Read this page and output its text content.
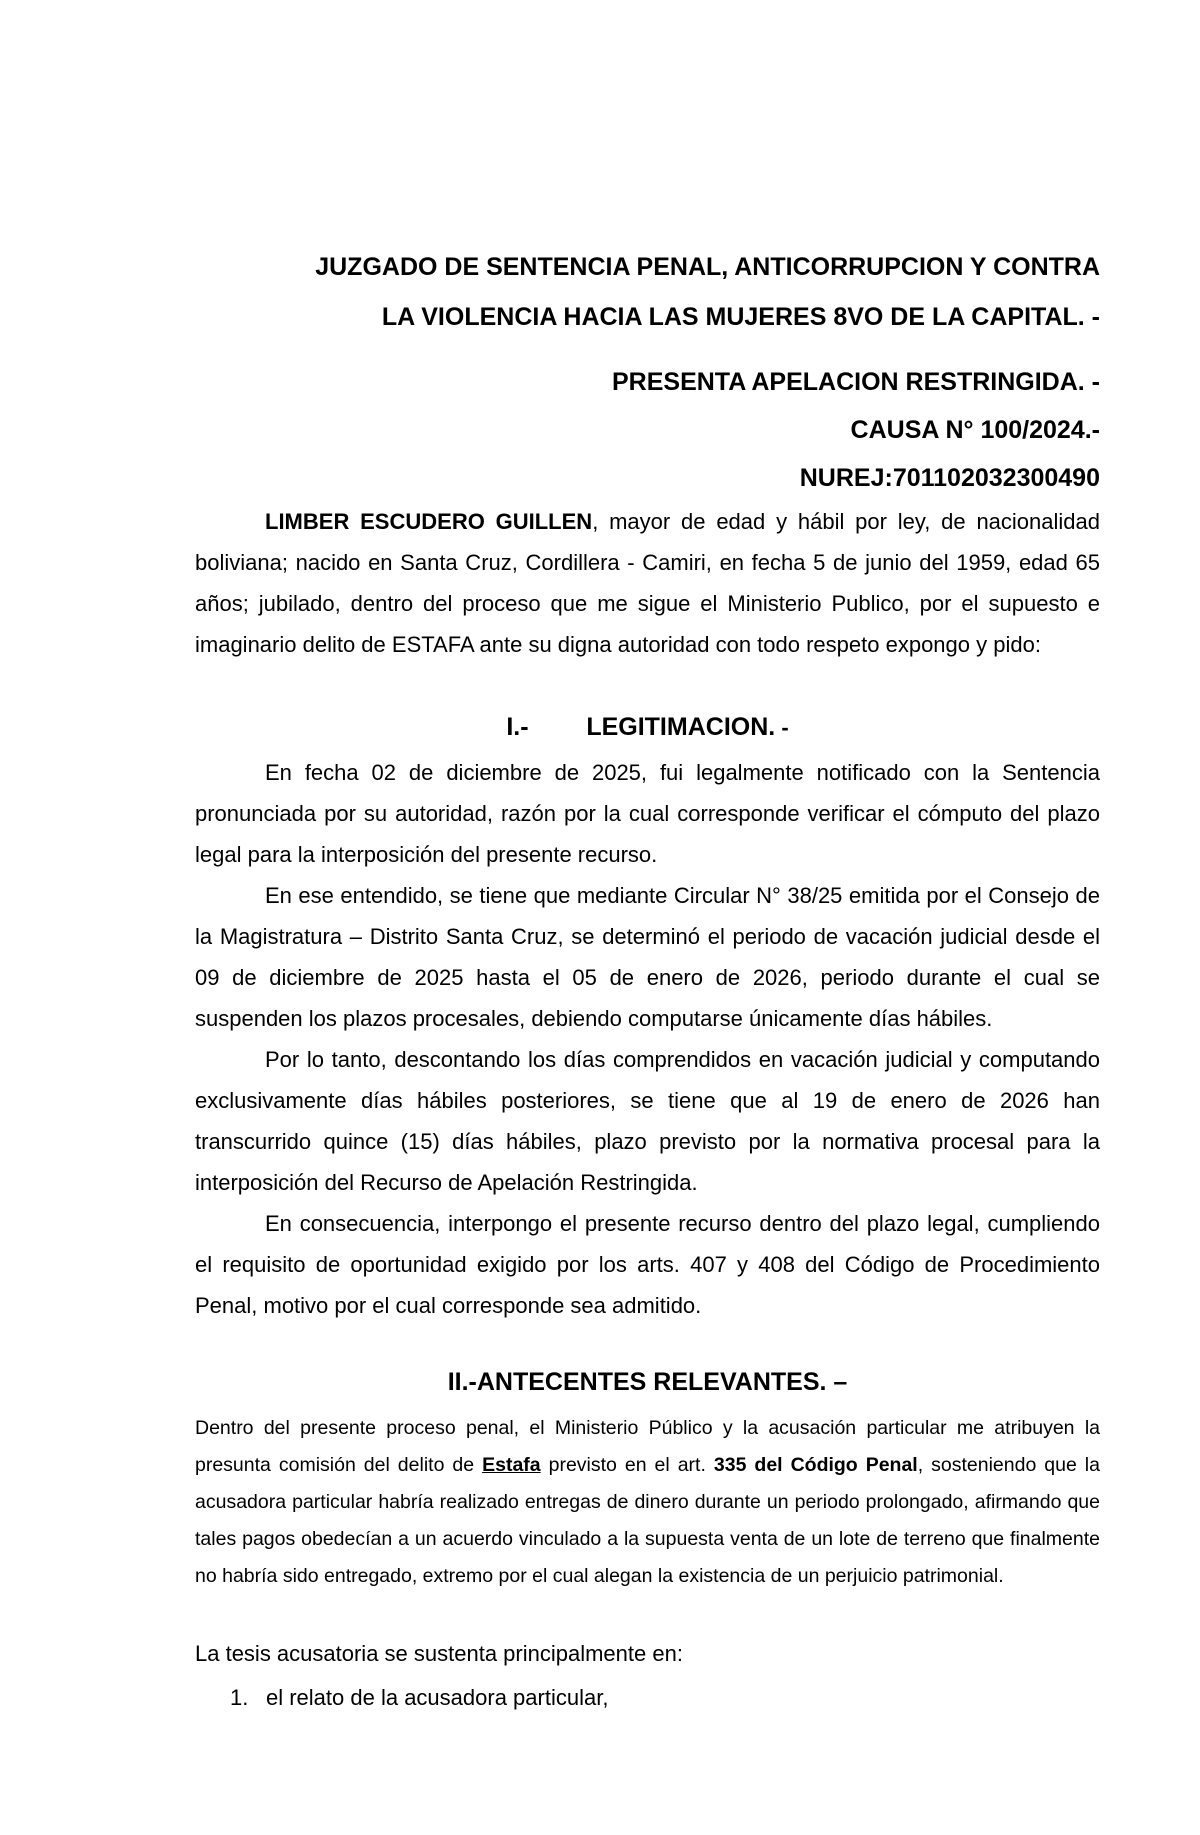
JUZGADO DE SENTENCIA PENAL, ANTICORRUPCION Y CONTRA
LA VIOLENCIA HACIA LAS MUJERES 8VO DE LA CAPITAL. -
PRESENTA APELACION RESTRINGIDA. -
CAUSA N° 100/2024.-
NUREJ:701102032300490

LIMBER ESCUDERO GUILLEN, mayor de edad y hábil por ley, de nacionalidad boliviana; nacido en Santa Cruz, Cordillera - Camiri, en fecha 5 de junio del 1959, edad 65 años; jubilado, dentro del proceso que me sigue el Ministerio Publico, por el supuesto e imaginario delito de ESTAFA ante su digna autoridad con todo respeto expongo y pido:

I.- LEGITIMACION. -

En fecha 02 de diciembre de 2025, fui legalmente notificado con la Sentencia pronunciada por su autoridad, razón por la cual corresponde verificar el cómputo del plazo legal para la interposición del presente recurso.

En ese entendido, se tiene que mediante Circular N° 38/25 emitida por el Consejo de la Magistratura – Distrito Santa Cruz, se determinó el periodo de vacación judicial desde el 09 de diciembre de 2025 hasta el 05 de enero de 2026, periodo durante el cual se suspenden los plazos procesales, debiendo computarse únicamente días hábiles.

Por lo tanto, descontando los días comprendidos en vacación judicial y computando exclusivamente días hábiles posteriores, se tiene que al 19 de enero de 2026 han transcurrido quince (15) días hábiles, plazo previsto por la normativa procesal para la interposición del Recurso de Apelación Restringida.

En consecuencia, interpongo el presente recurso dentro del plazo legal, cumpliendo el requisito de oportunidad exigido por los arts. 407 y 408 del Código de Procedimiento Penal, motivo por el cual corresponde sea admitido.

II.-ANTECENTES RELEVANTES. –
Dentro del presente proceso penal, el Ministerio Público y la acusación particular me atribuyen la presunta comisión del delito de Estafa previsto en el art. 335 del Código Penal, sosteniendo que la acusadora particular habría realizado entregas de dinero durante un periodo prolongado, afirmando que tales pagos obedecían a un acuerdo vinculado a la supuesta venta de un lote de terreno que finalmente no habría sido entregado, extremo por el cual alegan la existencia de un perjuicio patrimonial.

La tesis acusatoria se sustenta principalmente en:

1. el relato de la acusadora particular,
